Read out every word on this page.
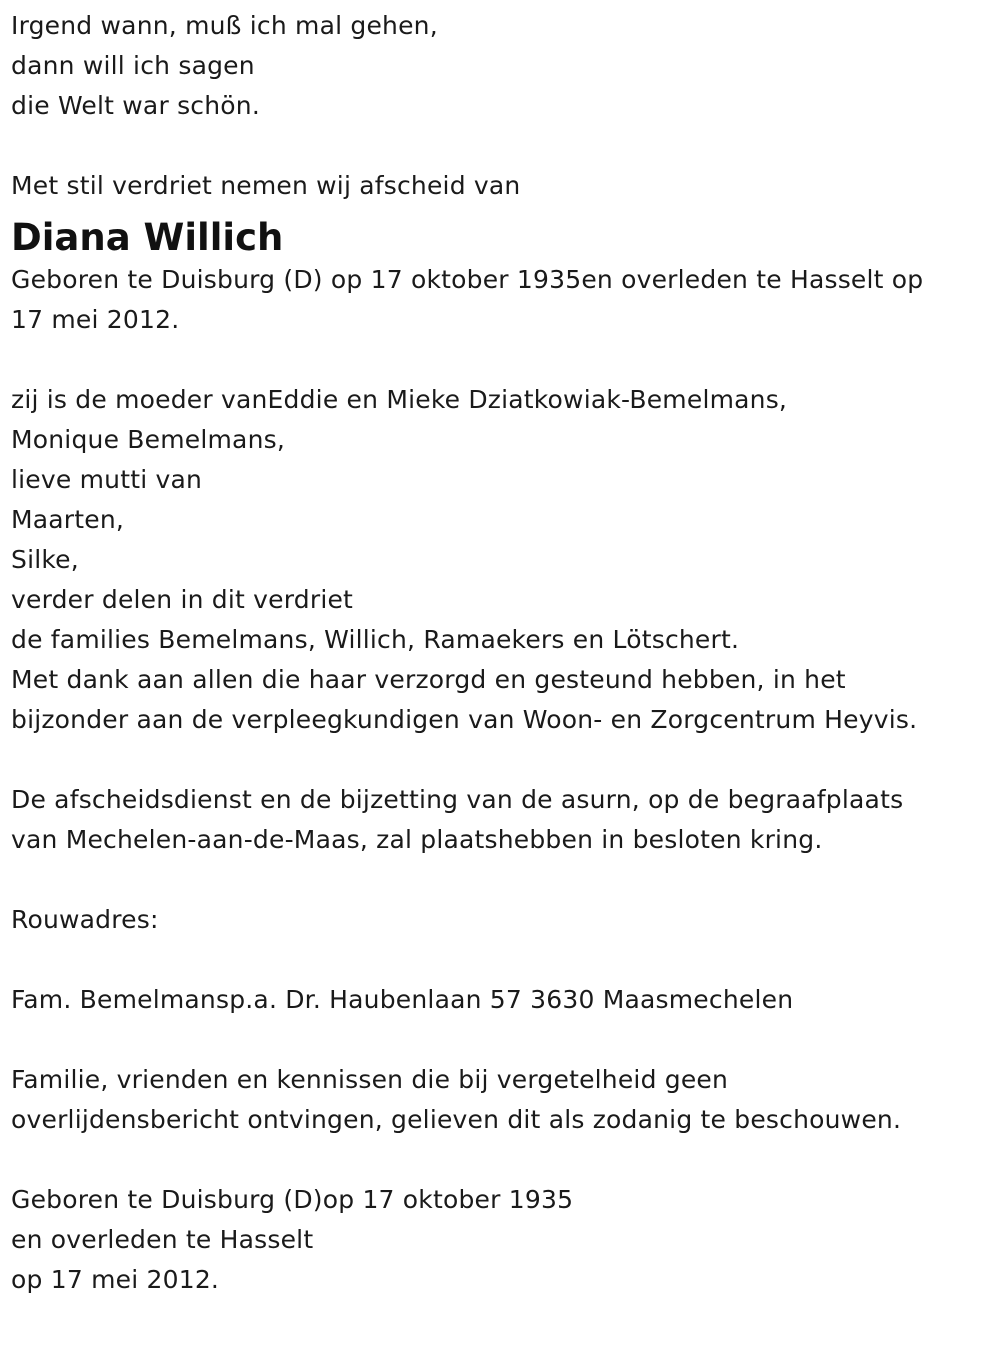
Irgend wann, muß ich mal gehen,
dann will ich sagen
die Welt war schön.
Met stil verdriet nemen wij afscheid van
Diana Willich
Geboren te Duisburg (D) op 17 oktober 1935en overleden te Hasselt op
17 mei 2012.
zij is de moeder vanEddie en Mieke Dziatkowiak-Bemelmans,
Monique Bemelmans,
lieve mutti van
Maarten,
Silke,
verder delen in dit verdriet
de families Bemelmans, Willich, Ramaekers en Lötschert.
Met dank aan allen die haar verzorgd en gesteund hebben, in het
bijzonder aan de verpleegkundigen van Woon- en Zorgcentrum Heyvis.
De afscheidsdienst en de bijzetting van de asurn, op de begraafplaats
van Mechelen-aan-de-Maas, zal plaatshebben in besloten kring.
Rouwadres:
Fam. Bemelmansp.a. Dr. Haubenlaan 57 3630 Maasmechelen
Familie, vrienden en kennissen die bij vergetelheid geen
overlijdensbericht ontvingen, gelieven dit als zodanig te beschouwen.
Geboren te Duisburg (D)op 17 oktober 1935
en overleden te Hasselt
op 17 mei 2012.
